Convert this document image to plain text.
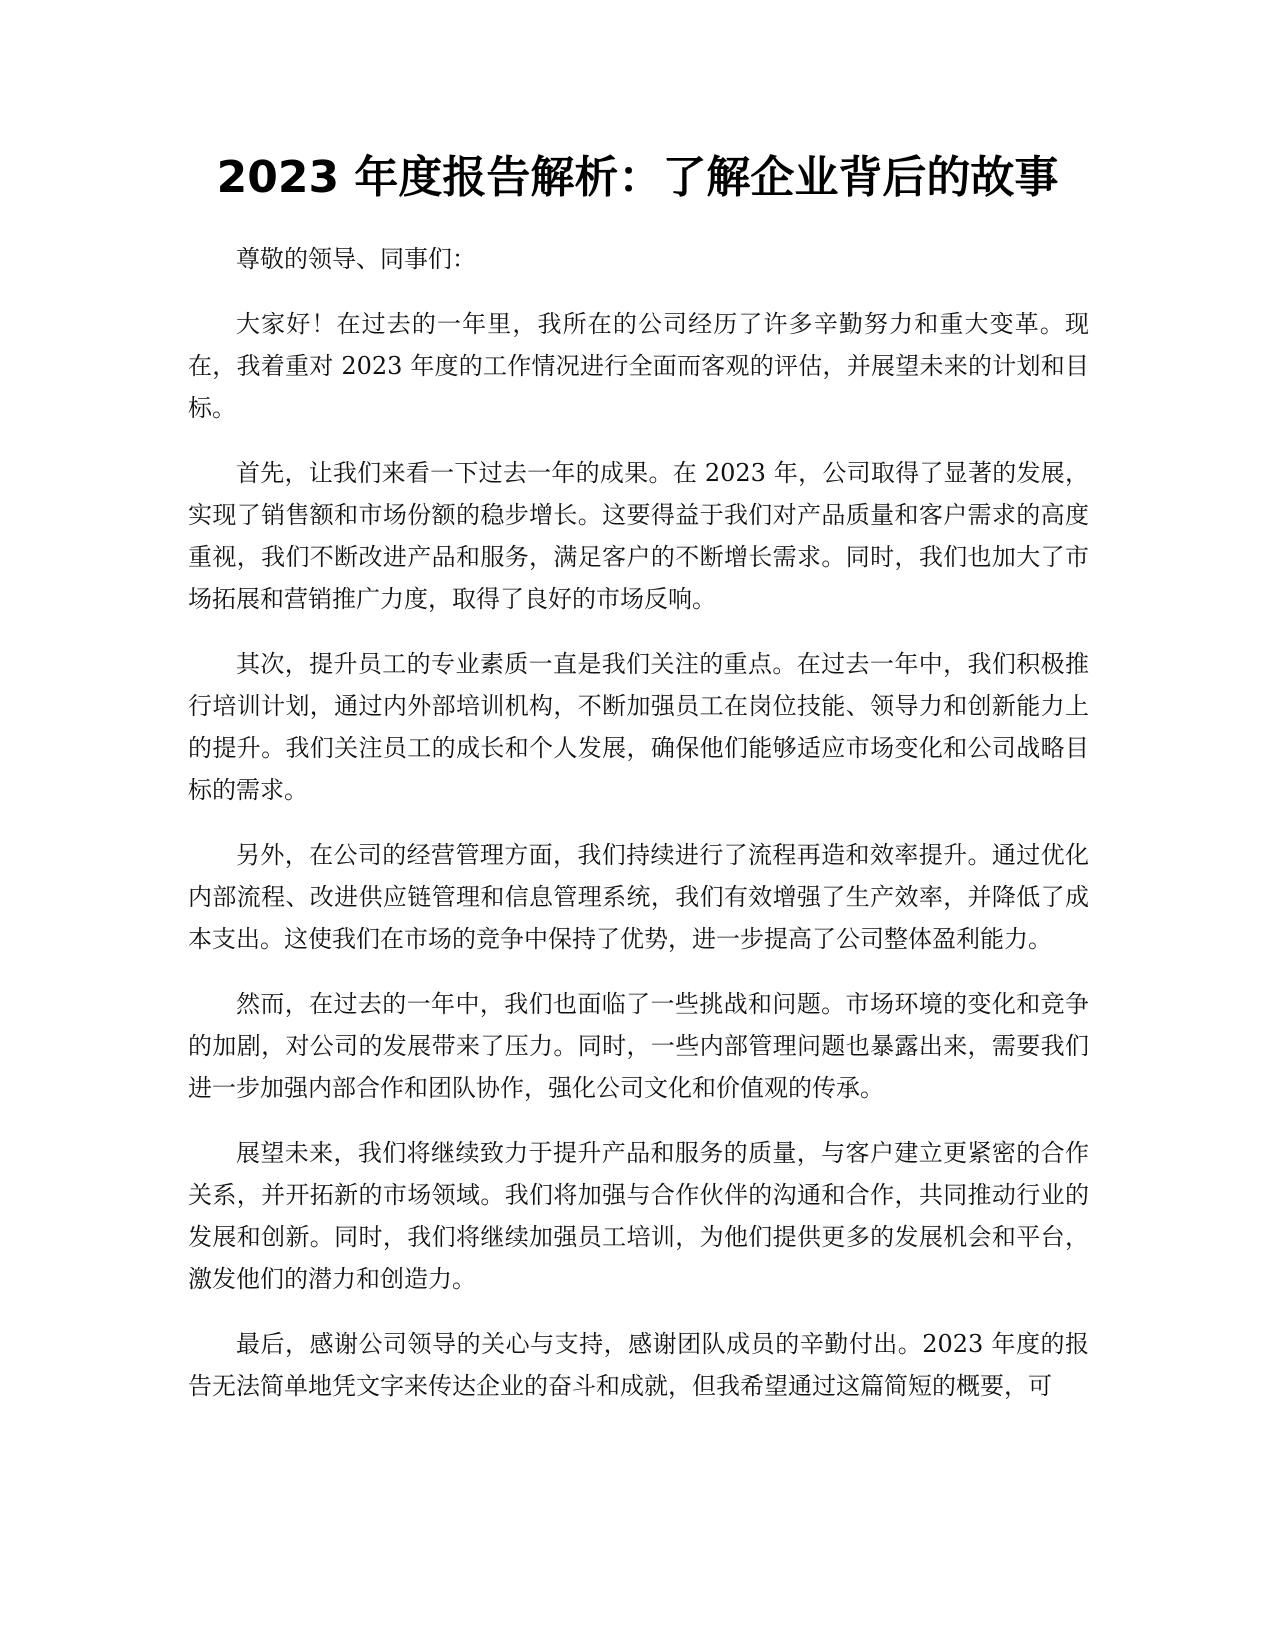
2023 年度报告解析：了解企业背后的故事

尊敬的领导、同事们：

大家好！在过去的一年里，我所在的公司经历了许多辛勤努力和重大变革。现在，我着重对 2023 年度的工作情况进行全面而客观的评估，并展望未来的计划和目标。

首先，让我们来看一下过去一年的成果。在 2023 年，公司取得了显著的发展，实现了销售额和市场份额的稳步增长。这要得益于我们对产品质量和客户需求的高度重视，我们不断改进产品和服务，满足客户的不断增长需求。同时，我们也加大了市场拓展和营销推广力度，取得了良好的市场反响。

其次，提升员工的专业素质一直是我们关注的重点。在过去一年中，我们积极推行培训计划，通过内外部培训机构，不断加强员工在岗位技能、领导力和创新能力上的提升。我们关注员工的成长和个人发展，确保他们能够适应市场变化和公司战略目标的需求。

另外，在公司的经营管理方面，我们持续进行了流程再造和效率提升。通过优化内部流程、改进供应链管理和信息管理系统，我们有效增强了生产效率，并降低了成本支出。这使我们在市场的竞争中保持了优势，进一步提高了公司整体盈利能力。

然而，在过去的一年中，我们也面临了一些挑战和问题。市场环境的变化和竞争的加剧，对公司的发展带来了压力。同时，一些内部管理问题也暴露出来，需要我们进一步加强内部合作和团队协作，强化公司文化和价值观的传承。

展望未来，我们将继续致力于提升产品和服务的质量，与客户建立更紧密的合作关系，并开拓新的市场领域。我们将加强与合作伙伴的沟通和合作，共同推动行业的发展和创新。同时，我们将继续加强员工培训，为他们提供更多的发展机会和平台，激发他们的潜力和创造力。

最后，感谢公司领导的关心与支持，感谢团队成员的辛勤付出。2023 年度的报告无法简单地凭文字来传达企业的奋斗和成就，但我希望通过这篇简短的概要，可
